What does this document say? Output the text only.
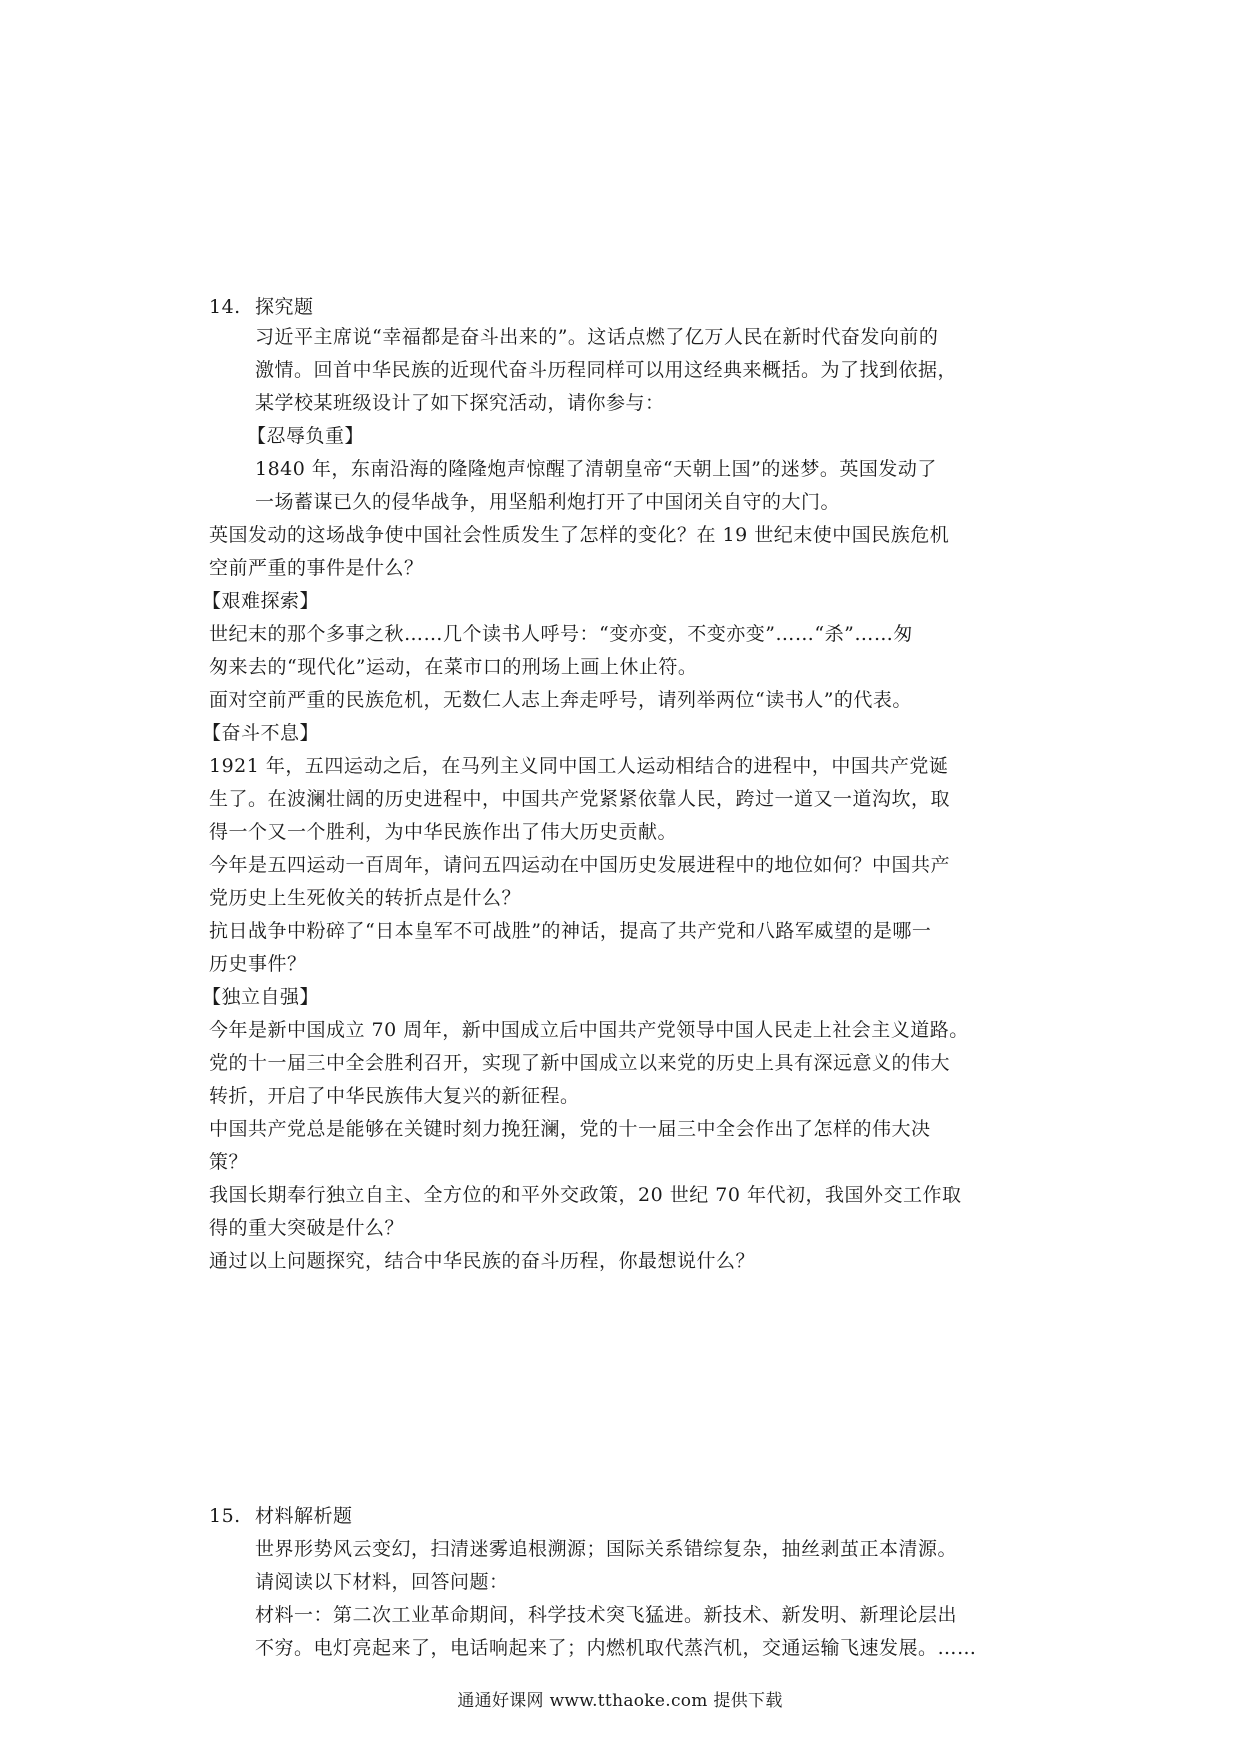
14. 探究题
习近平主席说“幸福都是奋斗出来的”。这话点燃了亿万人民在新时代奋发向前的
激情。回首中华民族的近现代奋斗历程同样可以用这经典来概括。为了找到依据，
某学校某班级设计了如下探究活动，请你参与：
【忍辱负重】
1840 年，东南沿海的隆隆炮声惊醒了清朝皇帝“天朝上国”的迷梦。英国发动了
一场蓄谋已久的侵华战争，用坚船利炮打开了中国闭关自守的大门。
英国发动的这场战争使中国社会性质发生了怎样的变化？在 19 世纪末使中国民族危机
空前严重的事件是什么？
【艰难探索】
世纪末的那个多事之秋……几个读书人呼号：“变亦变，不变亦变”……“杀”……匆
匆来去的“现代化”运动，在菜市口的刑场上画上休止符。
面对空前严重的民族危机，无数仁人志上奔走呼号，请列举两位“读书人”的代表。
【奋斗不息】
1921 年，五四运动之后，在马列主义同中国工人运动相结合的进程中，中国共产党诞
生了。在波澜壮阔的历史进程中，中国共产党紧紧依靠人民，跨过一道又一道沟坎，取
得一个又一个胜利，为中华民族作出了伟大历史贡献。
今年是五四运动一百周年，请问五四运动在中国历史发展进程中的地位如何？中国共产
党历史上生死攸关的转折点是什么？
抗日战争中粉碎了“日本皇军不可战胜”的神话，提高了共产党和八路军威望的是哪一
历史事件？
【独立自强】
今年是新中国成立 70 周年，新中国成立后中国共产党领导中国人民走上社会主义道路。
党的十一届三中全会胜利召开，实现了新中国成立以来党的历史上具有深远意义的伟大
转折，开启了中华民族伟大复兴的新征程。
中国共产党总是能够在关键时刻力挽狂澜，党的十一届三中全会作出了怎样的伟大决
策？
我国长期奉行独立自主、全方位的和平外交政策，20 世纪 70 年代初，我国外交工作取
得的重大突破是什么？
通过以上问题探究，结合中华民族的奋斗历程，你最想说什么？
15. 材料解析题
世界形势风云变幻，扫清迷雾追根溯源；国际关系错综复杂，抽丝剥茧正本清源。
请阅读以下材料，回答问题：
材料一：第二次工业革命期间，科学技术突飞猛进。新技术、新发明、新理论层出
不穷。电灯亮起来了，电话响起来了；内燃机取代蒸汽机，交通运输飞速发展。……
通通好课网 www.tthaoke.com 提供下载
